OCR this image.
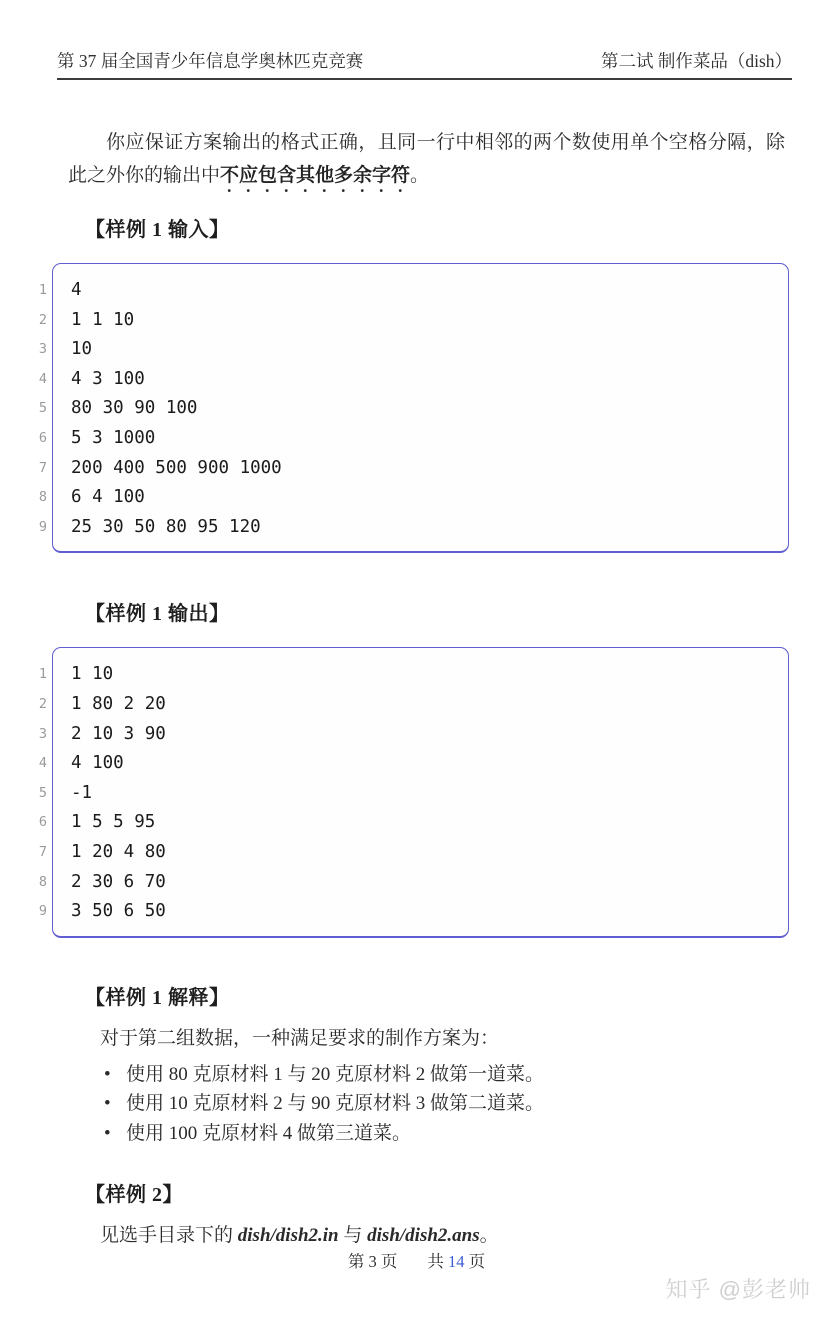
第 37 届全国青少年信息学奥林匹克竞赛	第二试 制作菜品（dish）

你应保证方案输出的格式正确，且同一行中相邻的两个数使用单个空格分隔，除此之外你的输出中不应包含其他多余字符。

【样例 1 输入】
1 4
2 1 1 10
3 10
4 4 3 100
5 80 30 90 100
6 5 3 1000
7 200 400 500 900 1000
8 6 4 100
9 25 30 50 80 95 120
【样例 1 输出】
1 1 10
2 1 80 2 20
3 2 10 3 90
4 4 100
5 -1
6 1 5 5 95
7 1 20 4 80
8 2 30 6 70
9 3 50 6 50
【样例 1 解释】

对于第二组数据，一种满足要求的制作方案为：

• 使用 80 克原材料 1 与 20 克原材料 2 做第一道菜。
• 使用 10 克原材料 2 与 90 克原材料 3 做第二道菜。
• 使用 100 克原材料 4 做第三道菜。
【样例 2】

见选手目录下的 dish/dish2.in 与 dish/dish2.ans。

第 3 页 共 14 页
知乎 @彭老帅
